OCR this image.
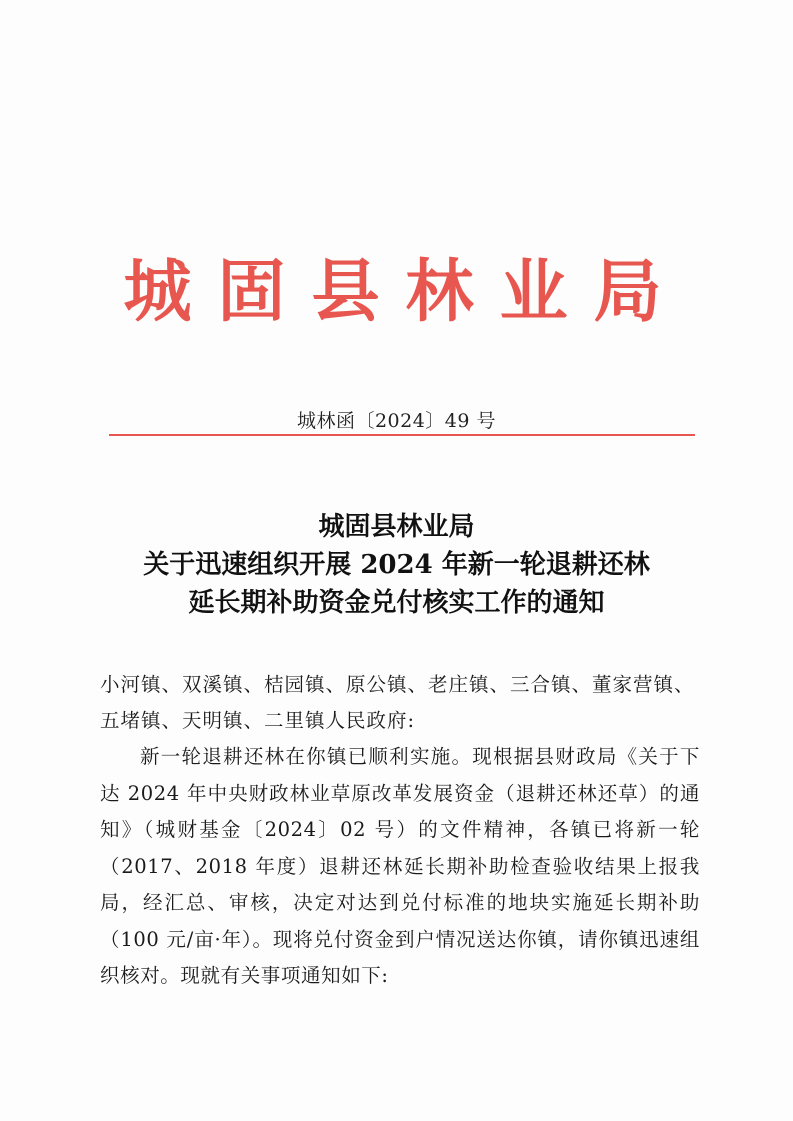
城固县林业局
城林函〔2024〕49 号
城固县林业局
关于迅速组织开展 2024 年新一轮退耕还林
延长期补助资金兑付核实工作的通知
小河镇、双溪镇、桔园镇、原公镇、老庄镇、三合镇、董家营镇、五堵镇、天明镇、二里镇人民政府:
新一轮退耕还林在你镇已顺利实施。现根据县财政局《关于下达 2024 年中央财政林业草原改革发展资金（退耕还林还草）的通知》（城财基金〔2024〕02 号）的文件精神，各镇已将新一轮（2017、2018 年度）退耕还林延长期补助检查验收结果上报我局，经汇总、审核，决定对达到兑付标准的地块实施延长期补助（100 元/亩·年）。现将兑付资金到户情况送达你镇，请你镇迅速组织核对。现就有关事项通知如下:
